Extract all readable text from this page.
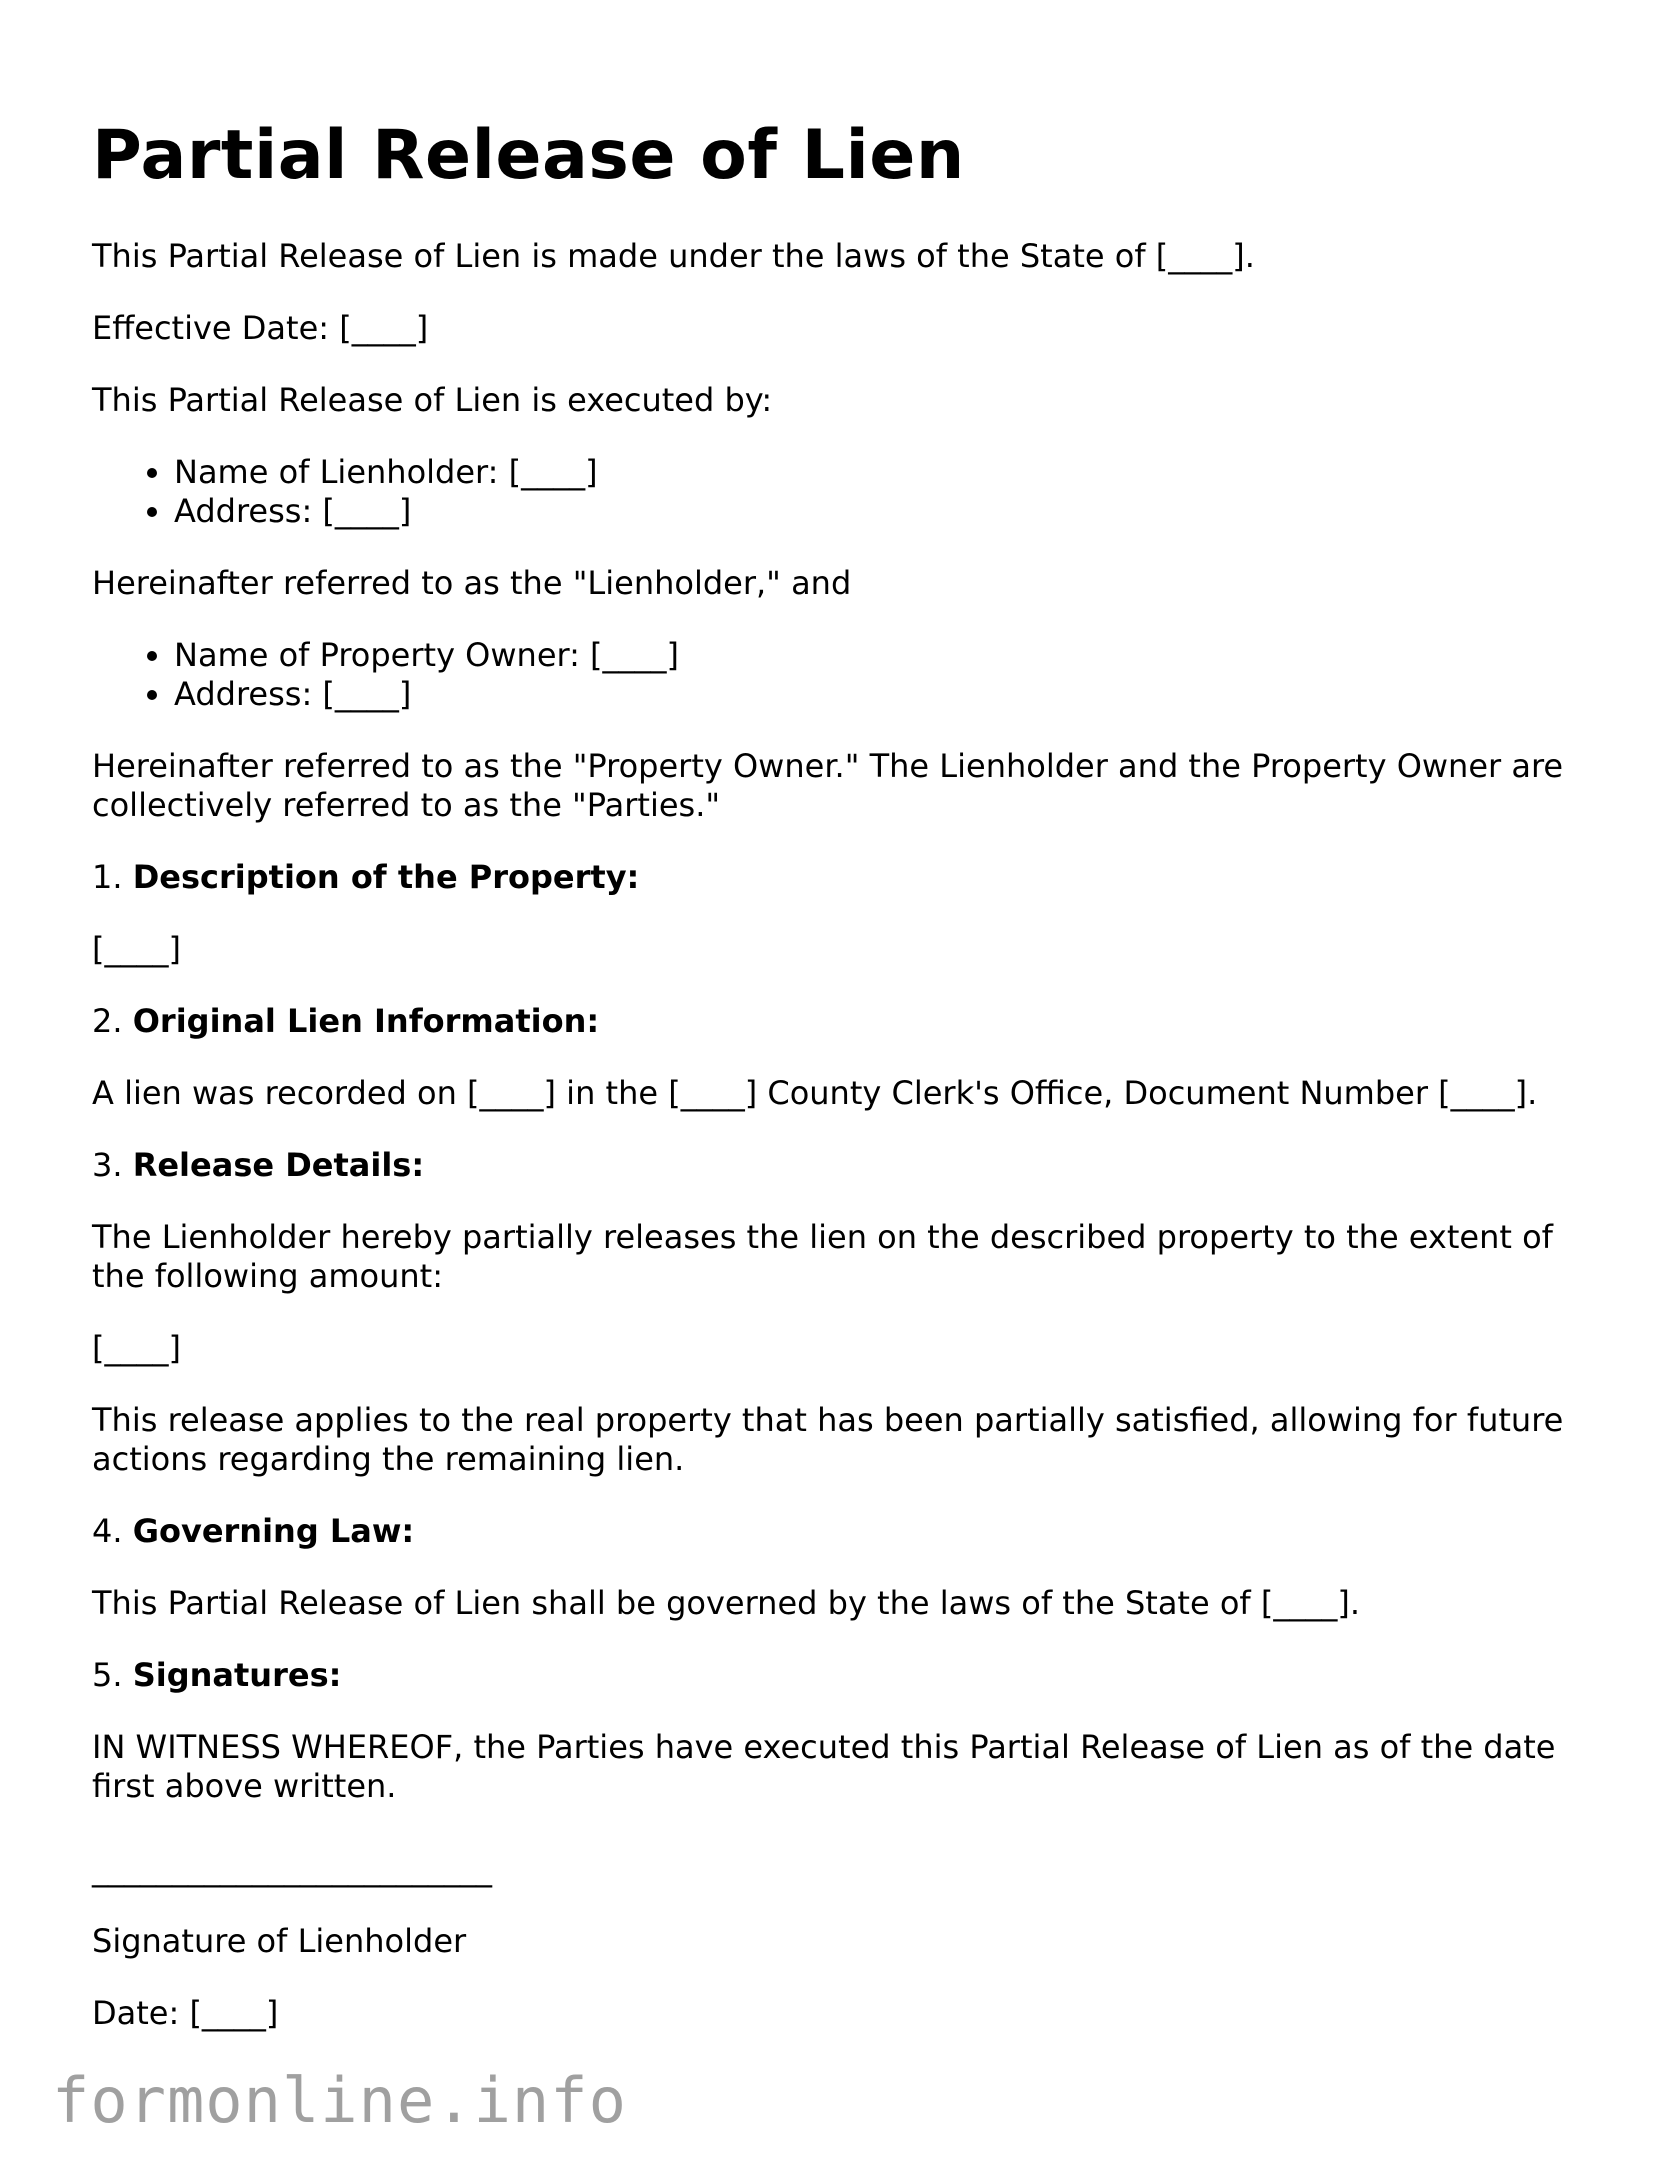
Partial Release of Lien

This Partial Release of Lien is made under the laws of the State of [____].

Effective Date: [____]

This Partial Release of Lien is executed by:

• Name of Lienholder: [____]
• Address: [____]

Hereinafter referred to as the "Lienholder," and

• Name of Property Owner: [____]
• Address: [____]

Hereinafter referred to as the "Property Owner." The Lienholder and the Property Owner are collectively referred to as the "Parties."

1. Description of the Property:

[____]

2. Original Lien Information:

A lien was recorded on [____] in the [____] County Clerk's Office, Document Number [____].

3. Release Details:

The Lienholder hereby partially releases the lien on the described property to the extent of the following amount:

[____]

This release applies to the real property that has been partially satisfied, allowing for future actions regarding the remaining lien.

4. Governing Law:

This Partial Release of Lien shall be governed by the laws of the State of [____].

5. Signatures:

IN WITNESS WHEREOF, the Parties have executed this Partial Release of Lien as of the date first above written.

_________________________

Signature of Lienholder

Date: [____]

formonline.info
